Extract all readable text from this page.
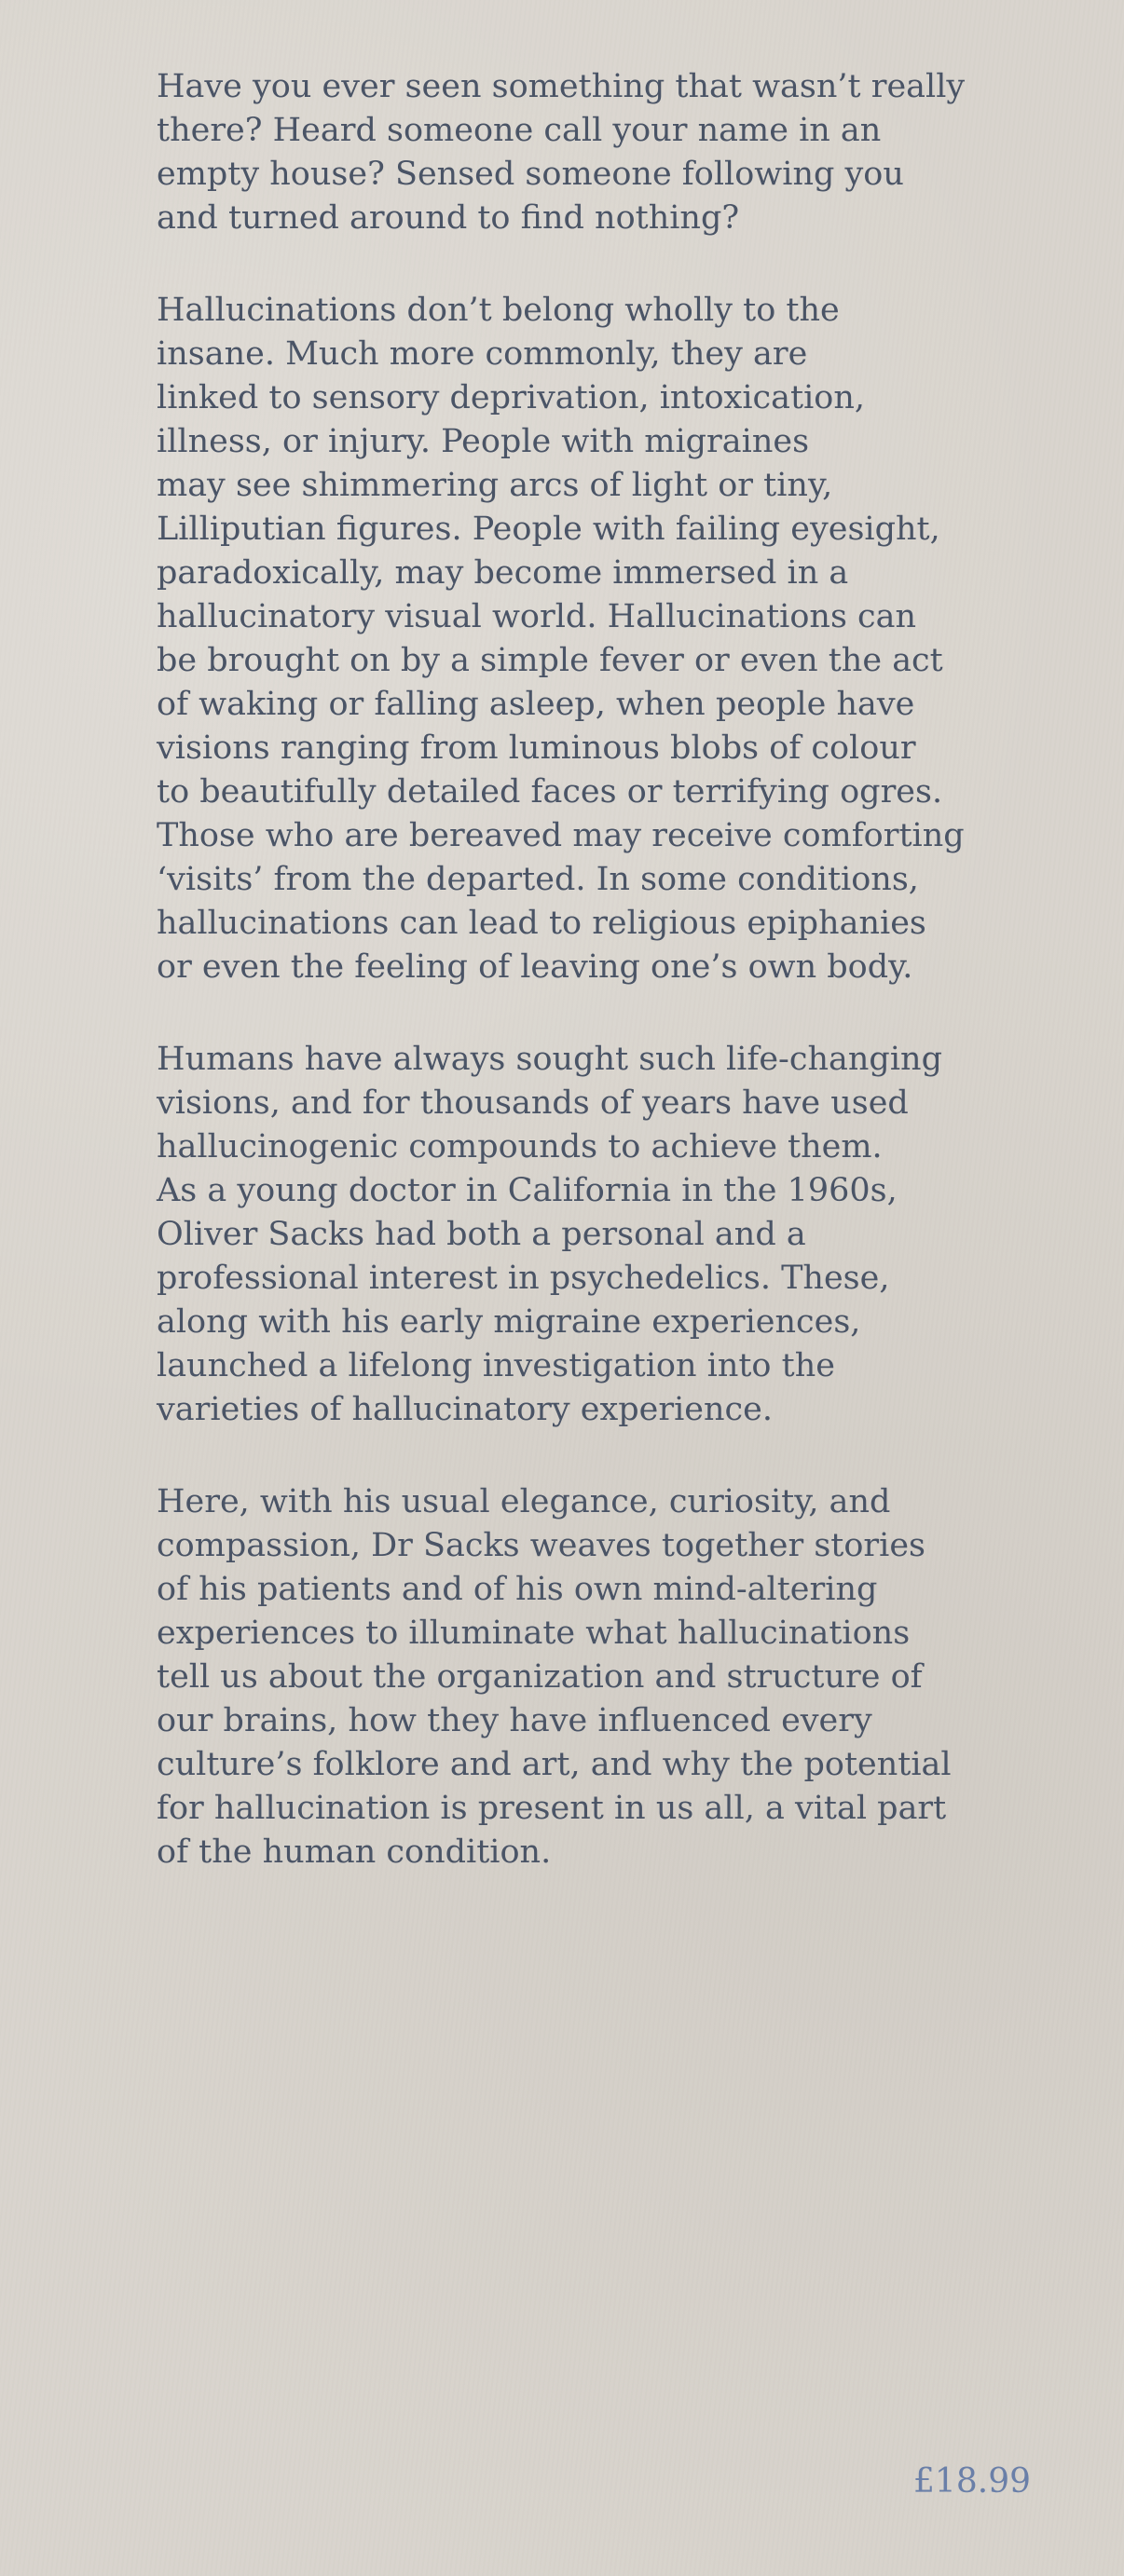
Have you ever seen something that wasn’t really
there? Heard someone call your name in an
empty house? Sensed someone following you
and turned around to find nothing?

Hallucinations don’t belong wholly to the
insane. Much more commonly, they are
linked to sensory deprivation, intoxication,
illness, or injury. People with migraines
may see shimmering arcs of light or tiny,
Lilliputian figures. People with failing eyesight,
paradoxically, may become immersed in a
hallucinatory visual world. Hallucinations can
be brought on by a simple fever or even the act
of waking or falling asleep, when people have
visions ranging from luminous blobs of colour
to beautifully detailed faces or terrifying ogres.
Those who are bereaved may receive comforting
‘visits’ from the departed. In some conditions,
hallucinations can lead to religious epiphanies
or even the feeling of leaving one’s own body.

Humans have always sought such life-changing
visions, and for thousands of years have used
hallucinogenic compounds to achieve them.
As a young doctor in California in the 1960s,
Oliver Sacks had both a personal and a
professional interest in psychedelics. These,
along with his early migraine experiences,
launched a lifelong investigation into the
varieties of hallucinatory experience.

Here, with his usual elegance, curiosity, and
compassion, Dr Sacks weaves together stories
of his patients and of his own mind-altering
experiences to illuminate what hallucinations
tell us about the organization and structure of
our brains, how they have influenced every
culture’s folklore and art, and why the potential
for hallucination is present in us all, a vital part
of the human condition.

£18.99
